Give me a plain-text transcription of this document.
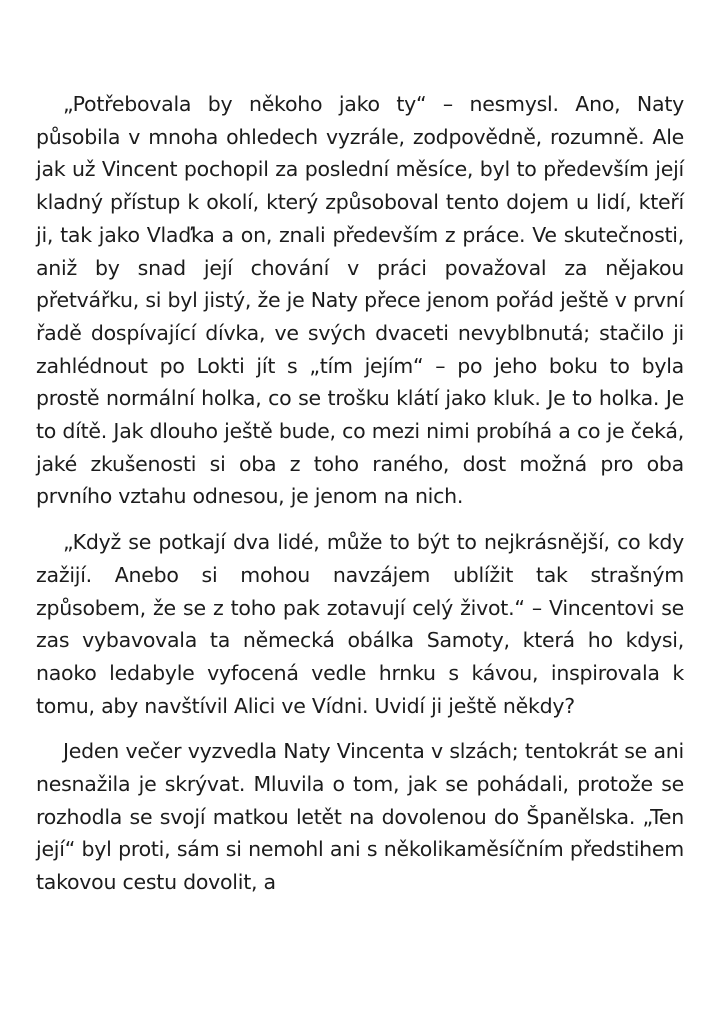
„Potřebovala by někoho jako ty“ – nesmysl. Ano, Naty působila v mnoha ohledech vyzrále, zodpovědně, rozumně. Ale jak už Vincent pochopil za poslední měsíce, byl to především její kladný přístup k okolí, který způsoboval tento dojem u lidí, kteří ji, tak jako Vlaďka a on, znali především z práce. Ve skutečnosti, aniž by snad její chování v práci považoval za nějakou přetvářku, si byl jistý, že je Naty přece jenom pořád ještě v první řadě dospívající dívka, ve svých dvaceti nevyblbnutá; stačilo ji zahlédnout po Lokti jít s „tím jejím“ – po jeho boku to byla prostě normální holka, co se trošku klátí jako kluk. Je to holka. Je to dítě. Jak dlouho ještě bude, co mezi nimi probíhá a co je čeká, jaké zkušenosti si oba z toho raného, dost možná pro oba prvního vztahu odnesou, je jenom na nich.

„Když se potkají dva lidé, může to být to nejkrásnější, co kdy zažijí. Anebo si mohou navzájem ublížit tak strašným způsobem, že se z toho pak zotavují celý život.“ – Vincentovi se zas vybavovala ta německá obálka Samoty, která ho kdysi, naoko ledabyle vyfocená vedle hrnku s kávou, inspirovala k tomu, aby navštívil Alici ve Vídni. Uvidí ji ještě někdy?

Jeden večer vyzvedla Naty Vincenta v slzách; tentokrát se ani nesnažila je skrývat. Mluvila o tom, jak se pohádali, protože se rozhodla se svojí matkou letět na dovolenou do Španělska. „Ten její“ byl proti, sám si nemohl ani s několikaměsíčním předstihem takovou cestu dovolit, a
